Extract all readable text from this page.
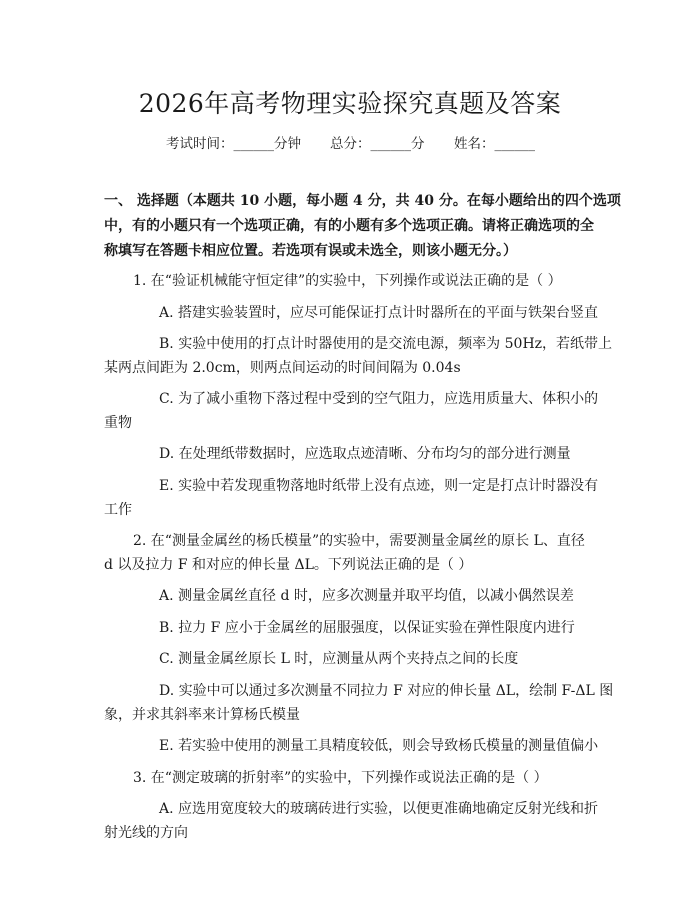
2026年高考物理实验探究真题及答案
考试时间：______分钟 总分：______分 姓名：______
一、 选择题（本题共 10 小题，每小题 4 分，共 40 分。在每小题给出的四个选项
中，有的小题只有一个选项正确，有的小题有多个选项正确。请将正确选项的全
称填写在答题卡相应位置。若选项有误或未选全，则该小题无分。）
1. 在“验证机械能守恒定律”的实验中，下列操作或说法正确的是（ ）
A. 搭建实验装置时，应尽可能保证打点计时器所在的平面与铁架台竖直
B. 实验中使用的打点计时器使用的是交流电源，频率为 50Hz，若纸带上
某两点间距为 2.0cm，则两点间运动的时间间隔为 0.04s
C. 为了减小重物下落过程中受到的空气阻力，应选用质量大、体积小的
重物
D. 在处理纸带数据时，应选取点迹清晰、分布均匀的部分进行测量
E. 实验中若发现重物落地时纸带上没有点迹，则一定是打点计时器没有
工作
2. 在“测量金属丝的杨氏模量”的实验中，需要测量金属丝的原长 L、直径
d 以及拉力 F 和对应的伸长量 ΔL。下列说法正确的是（ ）
A. 测量金属丝直径 d 时，应多次测量并取平均值，以减小偶然误差
B. 拉力 F 应小于金属丝的屈服强度，以保证实验在弹性限度内进行
C. 测量金属丝原长 L 时，应测量从两个夹持点之间的长度
D. 实验中可以通过多次测量不同拉力 F 对应的伸长量 ΔL，绘制 F-ΔL 图
象，并求其斜率来计算杨氏模量
E. 若实验中使用的测量工具精度较低，则会导致杨氏模量的测量值偏小
3. 在“测定玻璃的折射率”的实验中，下列操作或说法正确的是（ ）
A. 应选用宽度较大的玻璃砖进行实验，以便更准确地确定反射光线和折
射光线的方向
